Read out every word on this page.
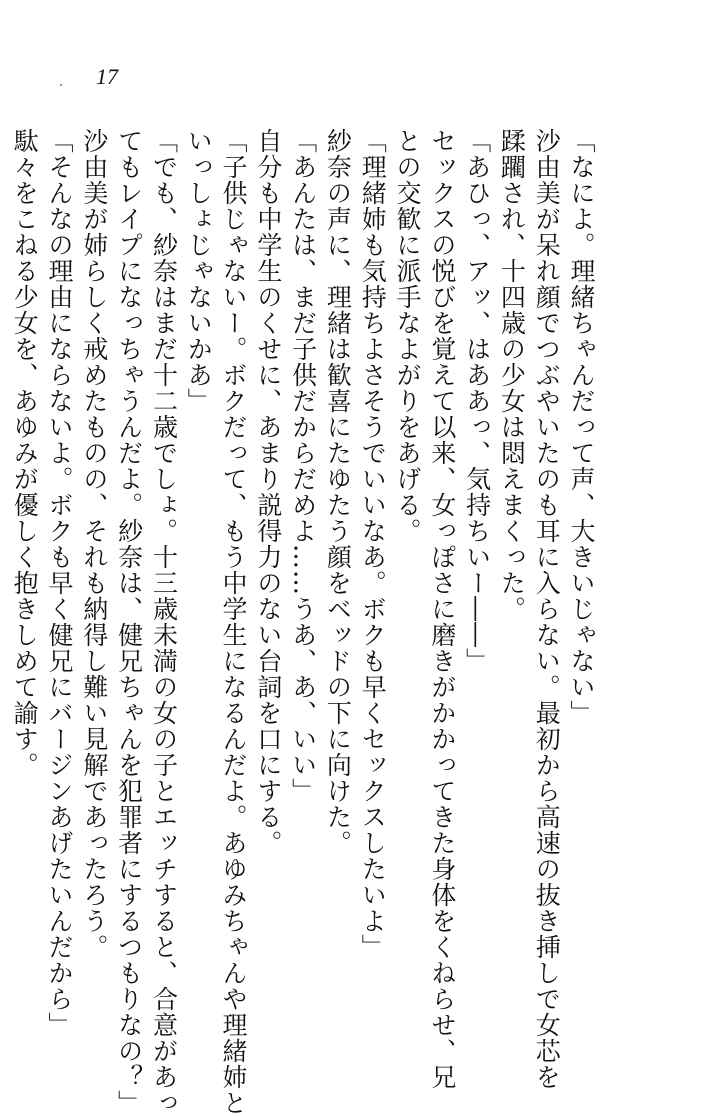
17
「なによ。理緒ちゃんだって声、大きいじゃない」
沙由美が呆れ顔でつぶやいたのも耳に入らない。最初から高速の抜き挿しで女芯を
蹂躙され、十四歳の少女は悶えまくった。
「あひっ、アッ、はああっ、気持ちいー――」
セックスの悦びを覚えて以来、女っぽさに磨きがかかってきた身体をくねらせ、兄
との交歓に派手なよがりをあげる。
「理緒姉も気持ちよさそうでいいなあ。ボクも早くセックスしたいよ」
紗奈の声に、理緒は歓喜にたゆたう顔をベッドの下に向けた。
「あんたは、まだ子供だからだめよ……うあ、あ、いい」
自分も中学生のくせに、あまり説得力のない台詞を口にする。
「子供じゃないー。ボクだって、もう中学生になるんだよ。あゆみちゃんや理緒姉と
いっしょじゃないかあ」
「でも、紗奈はまだ十二歳でしょ。十三歳未満の女の子とエッチすると、合意があっ
てもレイプになっちゃうんだよ。紗奈は、健兄ちゃんを犯罪者にするつもりなの？」
沙由美が姉らしく戒めたものの、それも納得し難い見解であったろう。
「そんなの理由にならないよ。ボクも早く健兄にバージンあげたいんだから」
駄々をこねる少女を、あゆみが優しく抱きしめて諭す。
